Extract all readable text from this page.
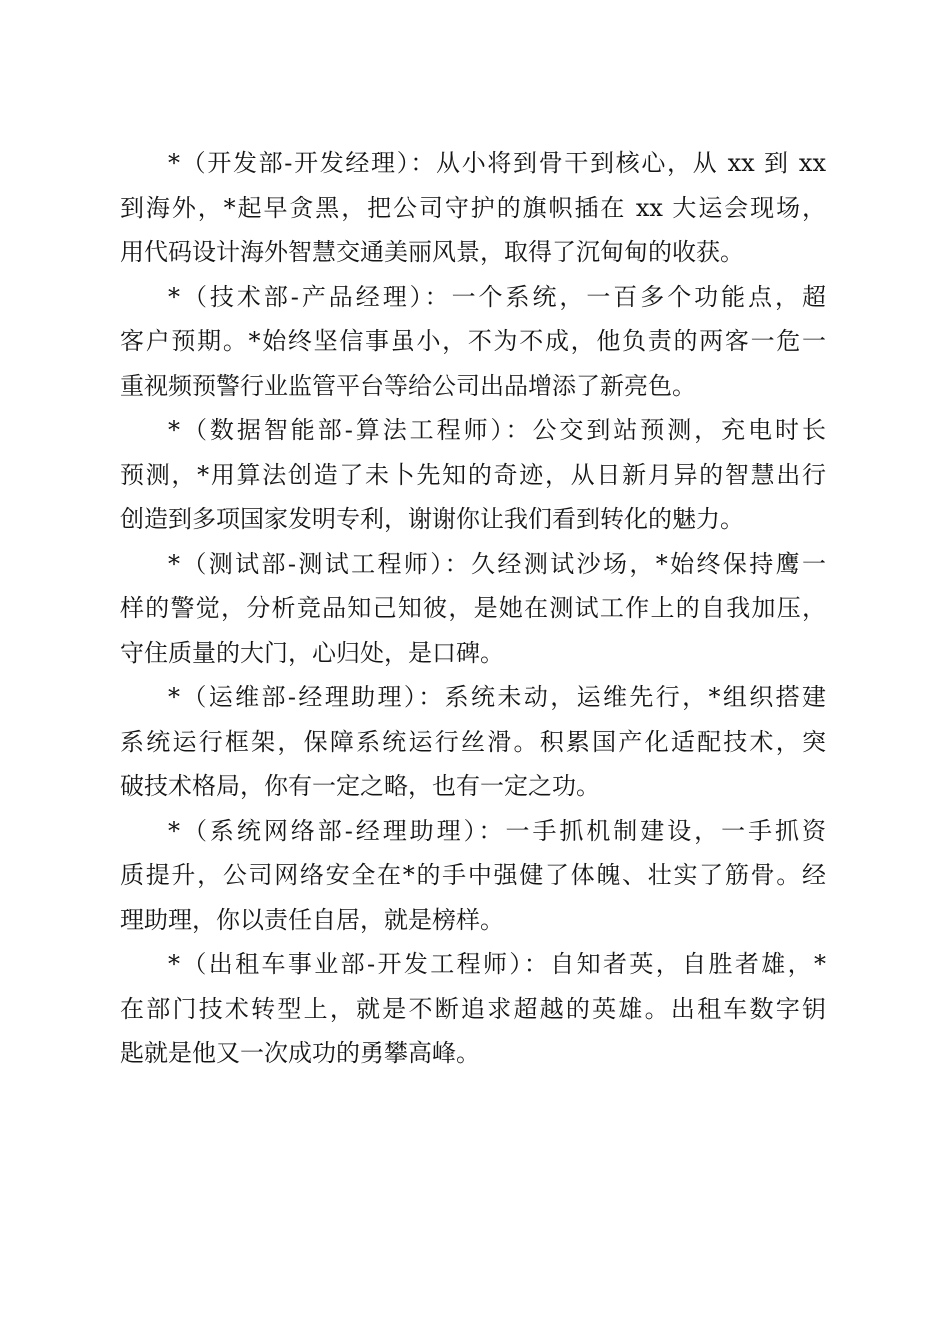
*（开发部-开发经理）：从小将到骨干到核心，从 xx 到 xx
到海外，*起早贪黑，把公司守护的旗帜插在 xx 大运会现场，
用代码设计海外智慧交通美丽风景，取得了沉甸甸的收获。
*（技术部-产品经理）：一个系统，一百多个功能点，超
客户预期。*始终坚信事虽小，不为不成，他负责的两客一危一
重视频预警行业监管平台等给公司出品增添了新亮色。
*（数据智能部-算法工程师）：公交到站预测，充电时长
预测，*用算法创造了未卜先知的奇迹，从日新月异的智慧出行
创造到多项国家发明专利，谢谢你让我们看到转化的魅力。
*（测试部-测试工程师）：久经测试沙场，*始终保持鹰一
样的警觉，分析竞品知己知彼，是她在测试工作上的自我加压，
守住质量的大门，心归处，是口碑。
*（运维部-经理助理）：系统未动，运维先行，*组织搭建
系统运行框架，保障系统运行丝滑。积累国产化适配技术，突
破技术格局，你有一定之略，也有一定之功。
*（系统网络部-经理助理）：一手抓机制建设，一手抓资
质提升，公司网络安全在*的手中强健了体魄、壮实了筋骨。经
理助理，你以责任自居，就是榜样。
*（出租车事业部-开发工程师）：自知者英，自胜者雄，*
在部门技术转型上，就是不断追求超越的英雄。出租车数字钥
匙就是他又一次成功的勇攀高峰。
